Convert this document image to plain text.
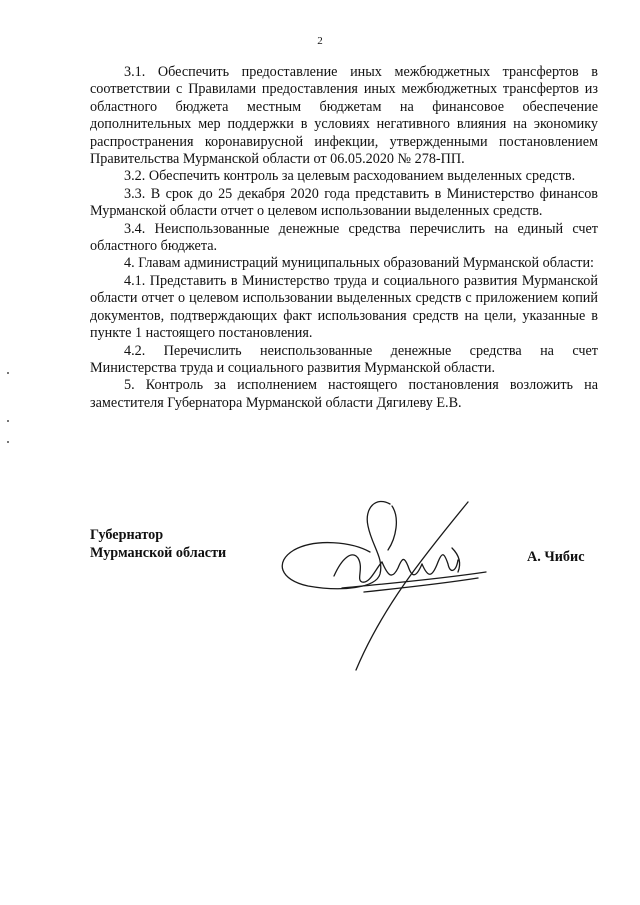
2

3.1. Обеспечить предоставление иных межбюджетных трансфертов в соответствии с Правилами предоставления иных межбюджетных трансфертов из областного бюджета местным бюджетам на финансовое обеспечение дополнительных мер поддержки в условиях негативного влияния на экономику распространения коронавирусной инфекции, утвержденными постановлением Правительства Мурманской области от 06.05.2020 № 278-ПП.

3.2. Обеспечить контроль за целевым расходованием выделенных средств.

3.3. В срок до 25 декабря 2020 года представить в Министерство финансов Мурманской области отчет о целевом использовании выделенных средств.

3.4. Неиспользованные денежные средства перечислить на единый счет областного бюджета.

4. Главам администраций муниципальных образований Мурманской области:

4.1. Представить в Министерство труда и социального развития Мурманской области отчет о целевом использовании выделенных средств с приложением копий документов, подтверждающих факт использования средств на цели, указанные в пункте 1 настоящего постановления.

4.2. Перечислить неиспользованные денежные средства на счет Министерства труда и социального развития Мурманской области.

5. Контроль за исполнением настоящего постановления возложить на заместителя Губернатора Мурманской области Дягилеву Е.В.

Губернатор
Мурманской области	А. Чибис
